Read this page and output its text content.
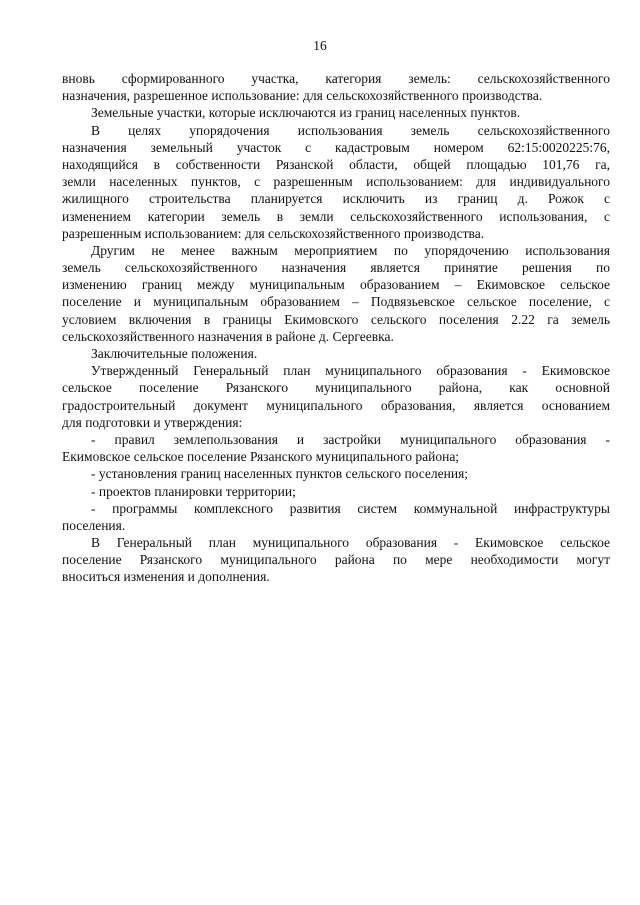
16
вновь сформированного участка, категория земель: сельскохозяйственного
назначения, разрешенное использование: для сельскохозяйственного производства.
Земельные участки, которые исключаются из границ населенных пунктов.
В целях упорядочения использования земель сельскохозяйственного
назначения земельный участок с кадастровым номером 62:15:0020225:76,
находящийся в собственности Рязанской области, общей площадью 101,76 га,
земли населенных пунктов, с разрешенным использованием: для индивидуального
жилищного строительства планируется исключить из границ д. Рожок с
изменением категории земель в земли сельскохозяйственного использования, с
разрешенным использованием: для сельскохозяйственного производства.
Другим не менее важным мероприятием по упорядочению использования
земель сельскохозяйственного назначения является принятие решения по
изменению границ между муниципальным образованием – Екимовское сельское
поселение и муниципальным образованием – Подвязьевское сельское поселение, с
условием включения в границы Екимовского сельского поселения 2.22 га земель
сельскохозяйственного назначения в районе д. Сергеевка.
Заключительные положения.
Утвержденный Генеральный план муниципального образования - Екимовское
сельское поселение Рязанского муниципального района, как основной
градостроительный документ муниципального образования, является основанием
для подготовки и утверждения:
- правил землепользования и застройки муниципального образования -
Екимовское сельское поселение Рязанского муниципального района;
- установления границ населенных пунктов сельского поселения;
- проектов планировки территории;
- программы комплексного развития систем коммунальной инфраструктуры
поселения.
В Генеральный план муниципального образования - Екимовское сельское
поселение Рязанского муниципального района по мере необходимости могут
вноситься изменения и дополнения.
